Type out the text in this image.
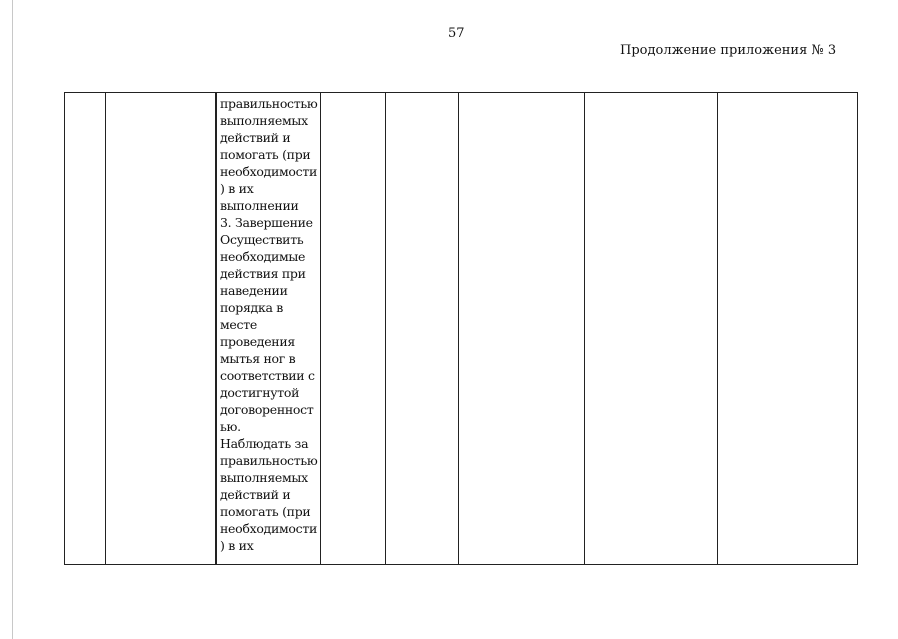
57
Продолжение приложения № 3
правильностью
выполняемых
действий и
помогать (при
необходимости
) в их
выполнении
3. Завершение
Осуществить
необходимые
действия при
наведении
порядка в
месте
проведения
мытья ног в
соответствии с
достигнутой
договоренност
ью.
Наблюдать за
правильностью
выполняемых
действий и
помогать (при
необходимости
) в их
